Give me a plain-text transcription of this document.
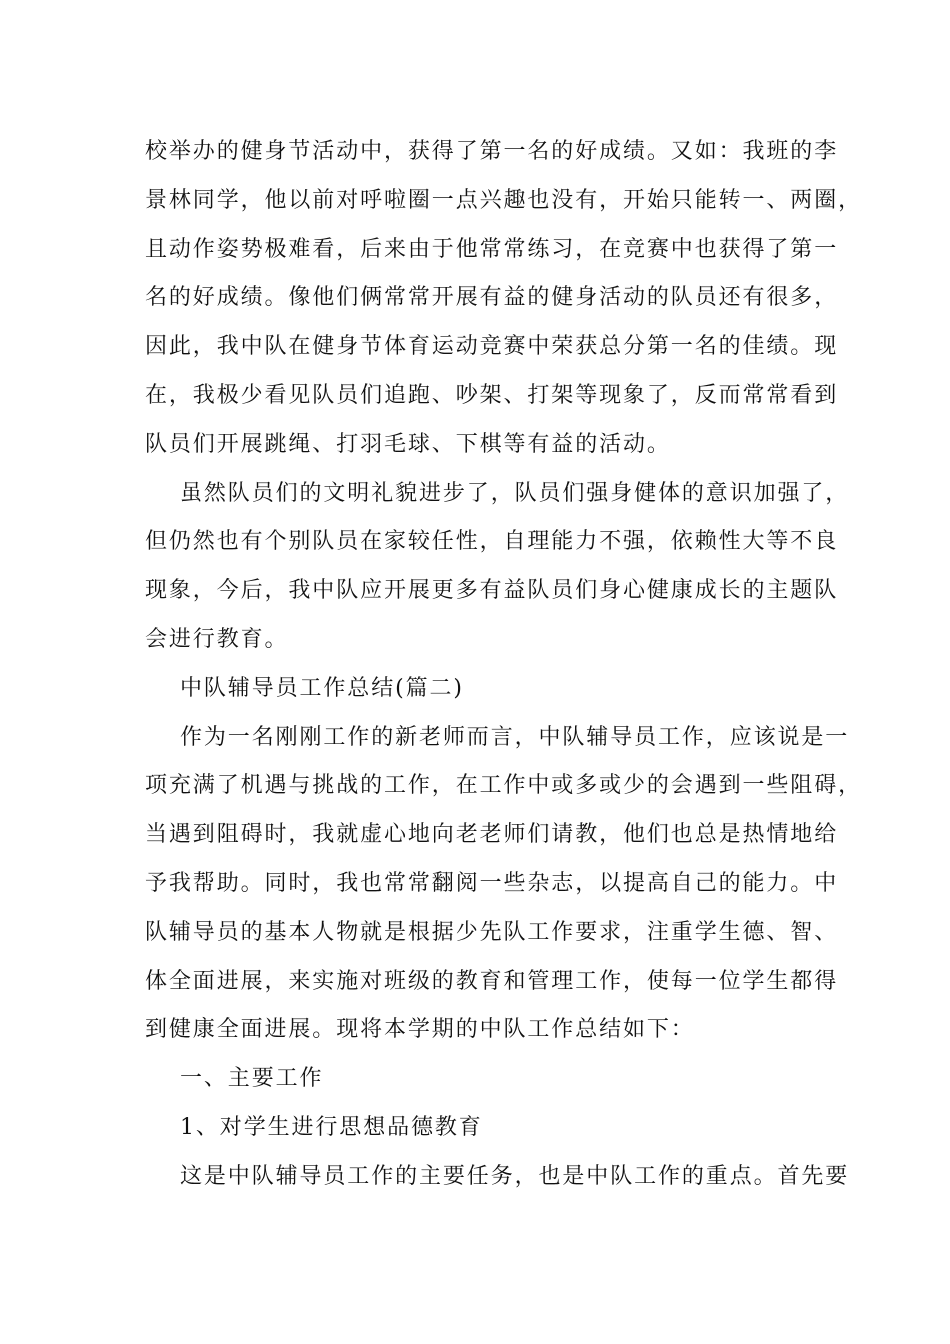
校举办的健身节活动中，获得了第一名的好成绩。又如：我班的李
景林同学，他以前对呼啦圈一点兴趣也没有，开始只能转一、两圈，
且动作姿势极难看，后来由于他常常练习，在竞赛中也获得了第一
名的好成绩。像他们俩常常开展有益的健身活动的队员还有很多，
因此，我中队在健身节体育运动竞赛中荣获总分第一名的佳绩。现
在，我极少看见队员们追跑、吵架、打架等现象了，反而常常看到
队员们开展跳绳、打羽毛球、下棋等有益的活动。
虽然队员们的文明礼貌进步了，队员们强身健体的意识加强了，
但仍然也有个别队员在家较任性，自理能力不强，依赖性大等不良
现象，今后，我中队应开展更多有益队员们身心健康成长的主题队
会进行教育。
中队辅导员工作总结(篇二)
作为一名刚刚工作的新老师而言，中队辅导员工作，应该说是一
项充满了机遇与挑战的工作，在工作中或多或少的会遇到一些阻碍，
当遇到阻碍时，我就虚心地向老老师们请教，他们也总是热情地给
予我帮助。同时，我也常常翻阅一些杂志，以提高自己的能力。中
队辅导员的基本人物就是根据少先队工作要求，注重学生德、智、
体全面进展，来实施对班级的教育和管理工作，使每一位学生都得
到健康全面进展。现将本学期的中队工作总结如下：
一、主要工作
1、对学生进行思想品德教育
这是中队辅导员工作的主要任务，也是中队工作的重点。首先要
